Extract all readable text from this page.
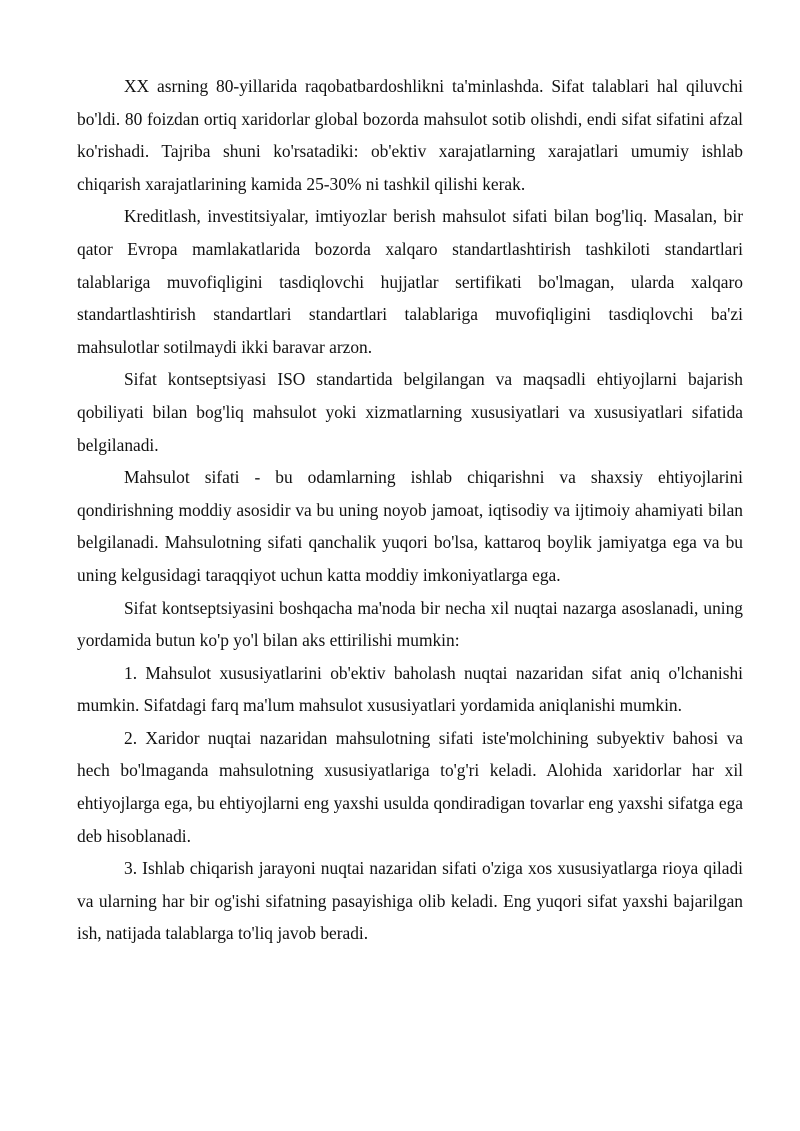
XX asrning 80-yillarida raqobatbardoshlikni ta'minlashda. Sifat talablari hal qiluvchi bo'ldi. 80 foizdan ortiq xaridorlar global bozorda mahsulot sotib olishdi, endi sifat sifatini afzal ko'rishadi. Tajriba shuni ko'rsatadiki: ob'ektiv xarajatlarning xarajatlari umumiy ishlab chiqarish xarajatlarining kamida 25-30% ni tashkil qilishi kerak.

Kreditlash, investitsiyalar, imtiyozlar berish mahsulot sifati bilan bog'liq. Masalan, bir qator Evropa mamlakatlarida bozorda xalqaro standartlashtirish tashkiloti standartlari talablariga muvofiqligini tasdiqlovchi hujjatlar sertifikati bo'lmagan, ularda xalqaro standartlashtirish standartlari standartlari talablariga muvofiqligini tasdiqlovchi ba'zi mahsulotlar sotilmaydi ikki baravar arzon.

Sifat kontseptsiyasi ISO standartida belgilangan va maqsadli ehtiyojlarni bajarish qobiliyati bilan bog'liq mahsulot yoki xizmatlarning xususiyatlari va xususiyatlari sifatida belgilanadi.

Mahsulot sifati - bu odamlarning ishlab chiqarishni va shaxsiy ehtiyojlarini qondirishning moddiy asosidir va bu uning noyob jamoat, iqtisodiy va ijtimoiy ahamiyati bilan belgilanadi. Mahsulotning sifati qanchalik yuqori bo'lsa, kattaroq boylik jamiyatga ega va bu uning kelgusidagi taraqqiyot uchun katta moddiy imkoniyatlarga ega.

Sifat kontseptsiyasini boshqacha ma'noda bir necha xil nuqtai nazarga asoslanadi, uning yordamida butun ko'p yo'l bilan aks ettirilishi mumkin:

1. Mahsulot xususiyatlarini ob'ektiv baholash nuqtai nazaridan sifat aniq o'lchanishi mumkin. Sifatdagi farq ma'lum mahsulot xususiyatlari yordamida aniqlanishi mumkin.

2. Xaridor nuqtai nazaridan mahsulotning sifati iste'molchining subyektiv bahosi va hech bo'lmaganda mahsulotning xususiyatlariga to'g'ri keladi. Alohida xaridorlar har xil ehtiyojlarga ega, bu ehtiyojlarni eng yaxshi usulda qondiradigan tovarlar eng yaxshi sifatga ega deb hisoblanadi.

3. Ishlab chiqarish jarayoni nuqtai nazaridan sifati o'ziga xos xususiyatlarga rioya qiladi va ularning har bir og'ishi sifatning pasayishiga olib keladi. Eng yuqori sifat yaxshi bajarilgan ish, natijada talablarga to'liq javob beradi.
